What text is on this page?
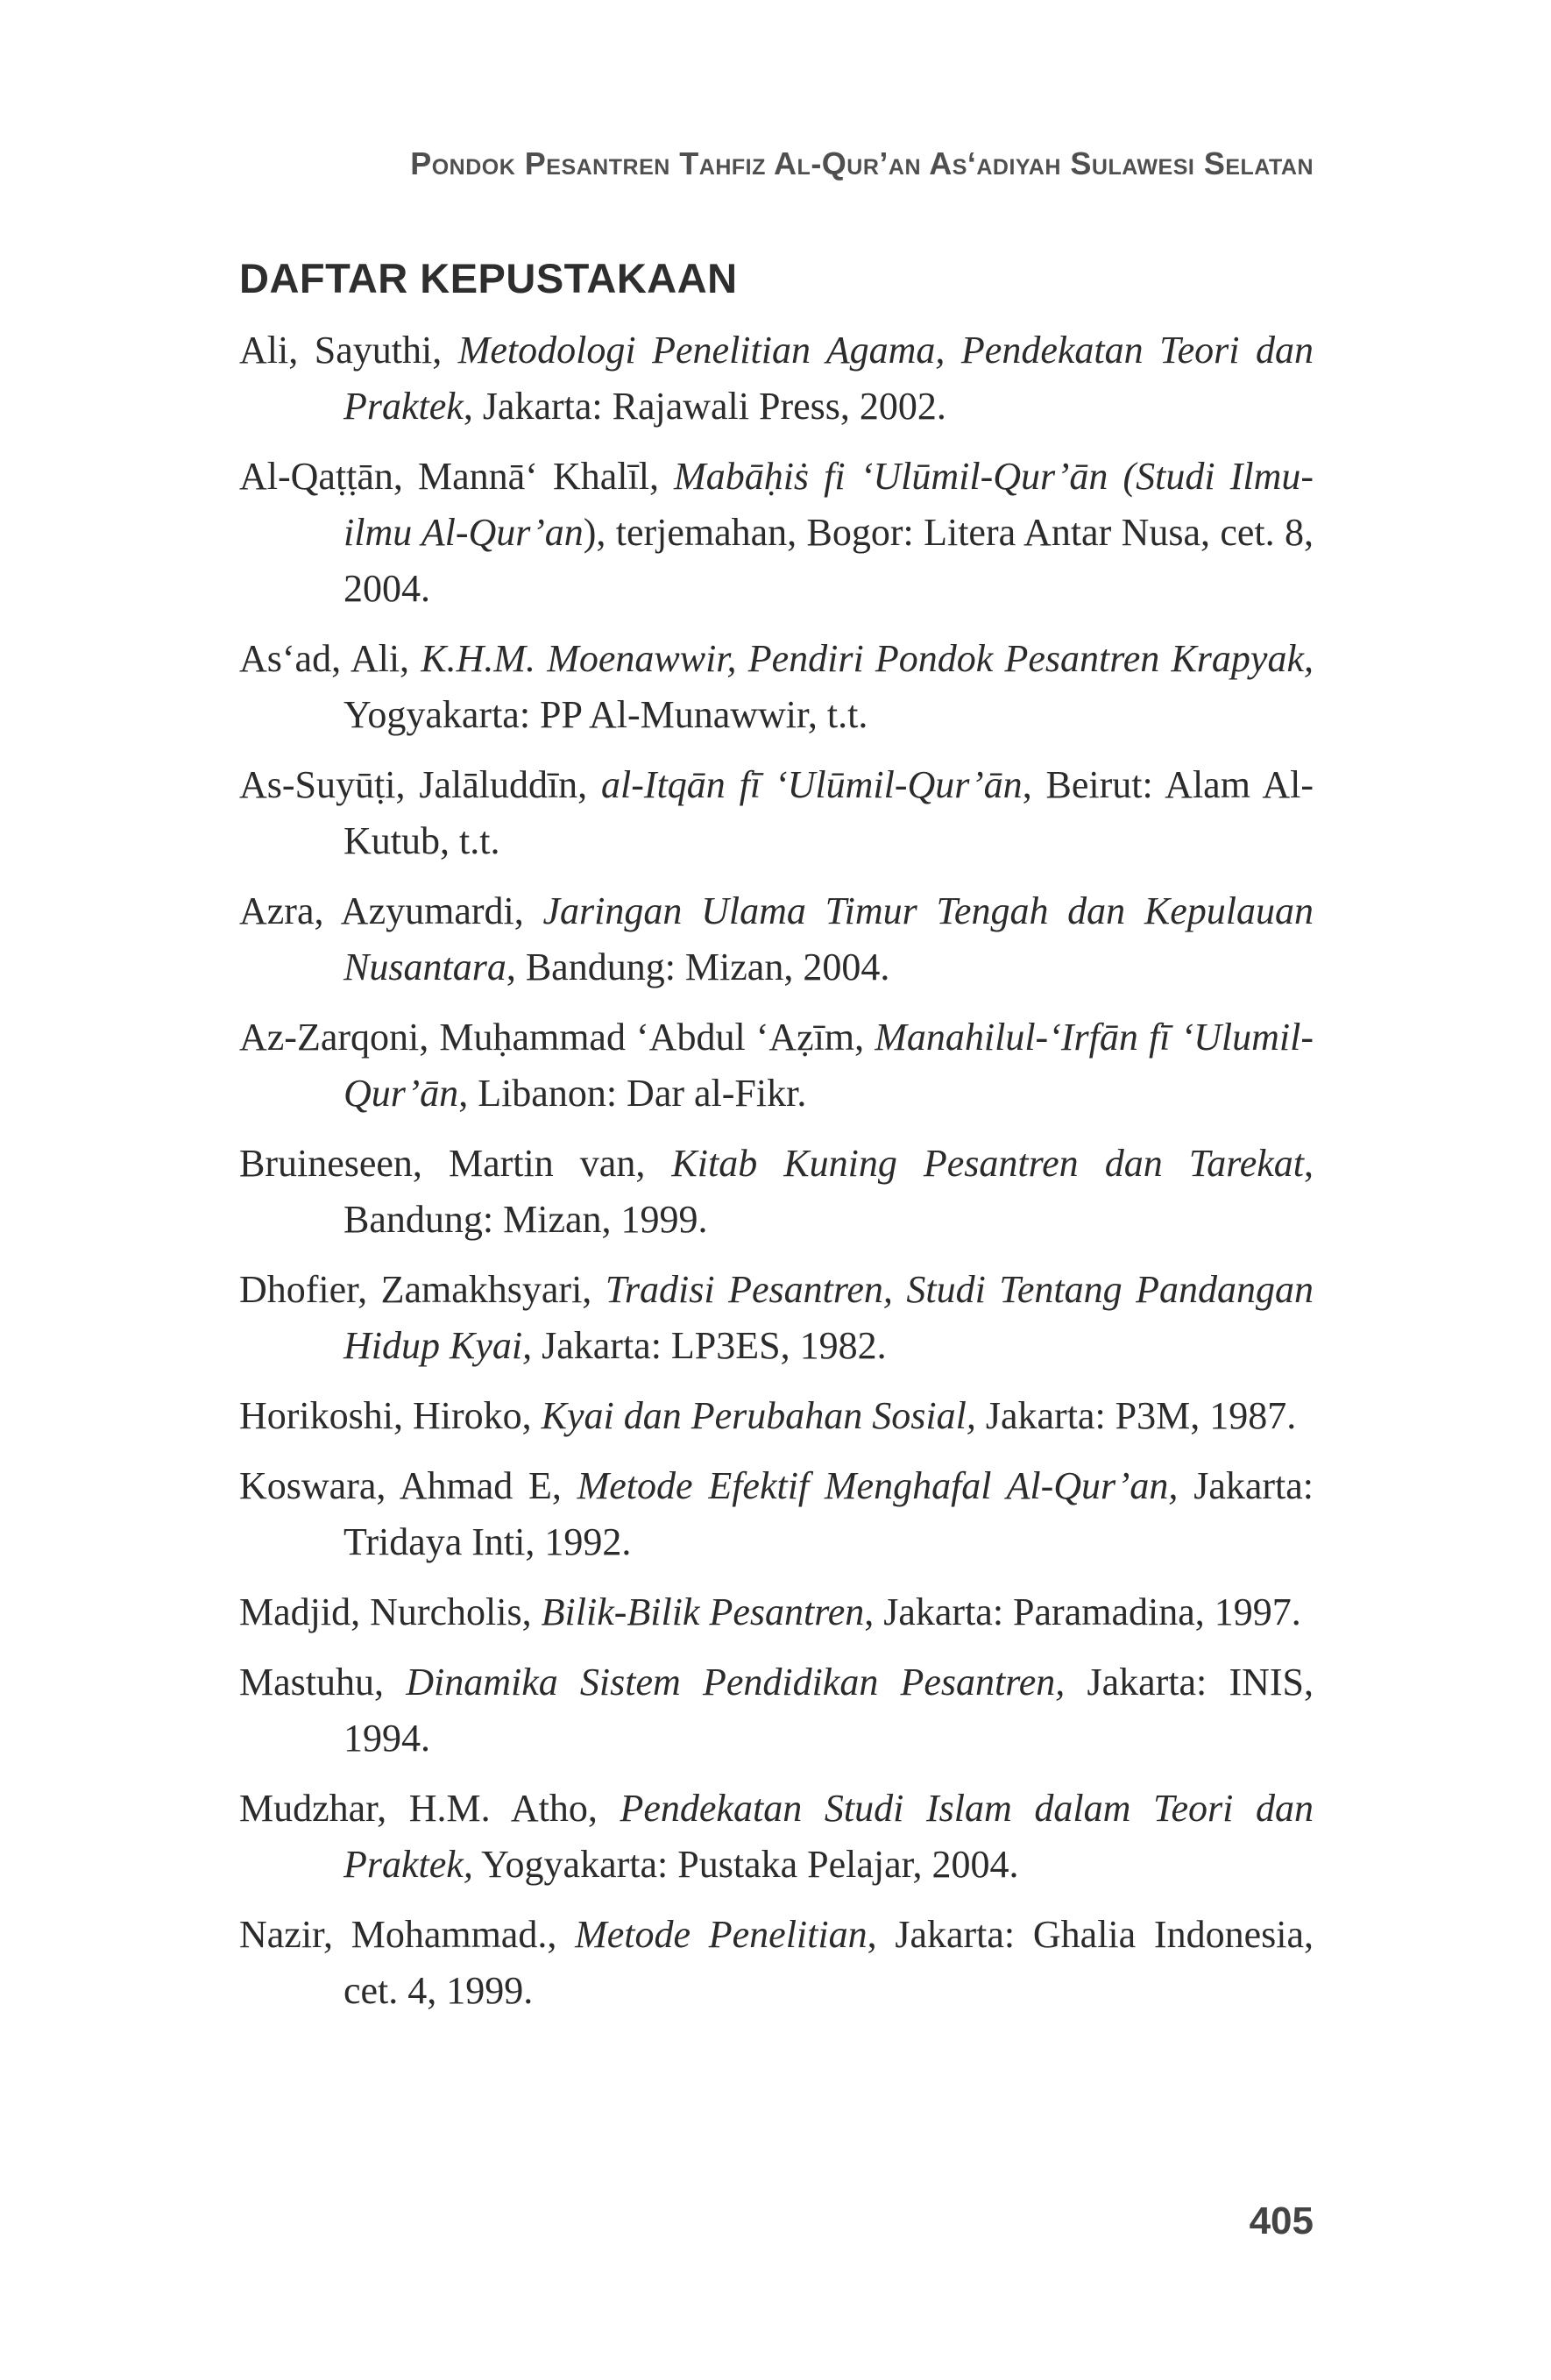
Pondok Pesantren Tahfiz Al-Qur’an As‘adiyah Sulawesi Selatan
DAFTAR KEPUSTAKAAN

Ali, Sayuthi, Metodologi Penelitian Agama, Pendekatan Teori dan Praktek, Jakarta: Rajawali Press, 2002.

Al-Qaṭṭān, Mannā‘ Khalīl, Mabāḥiṡ fi ‘Ulūmil-Qur’ān (Studi Ilmu-ilmu Al-Qur’an), terjemahan, Bogor: Litera Antar Nusa, cet. 8, 2004.

As‘ad, Ali, K.H.M. Moenawwir, Pendiri Pondok Pesantren Krapyak, Yogyakarta: PP Al-Munawwir, t.t.

As-Suyūṭi, Jalāluddīn, al-Itqān fī ‘Ulūmil-Qur’ān, Beirut: Alam Al-Kutub, t.t.

Azra, Azyumardi, Jaringan Ulama Timur Tengah dan Kepulauan Nusantara, Bandung: Mizan, 2004.

Az-Zarqoni, Muḥammad ‘Abdul ‘Aẓīm, Manahilul-‘Irfān fī ‘Ulumil-Qur’ān, Libanon: Dar al-Fikr.

Bruineseen, Martin van, Kitab Kuning Pesantren dan Tarekat, Bandung: Mizan, 1999.

Dhofier, Zamakhsyari, Tradisi Pesantren, Studi Tentang Pandangan Hidup Kyai, Jakarta: LP3ES, 1982.

Horikoshi, Hiroko, Kyai dan Perubahan Sosial, Jakarta: P3M, 1987.

Koswara, Ahmad E, Metode Efektif Menghafal Al-Qur’an, Jakarta: Tridaya Inti, 1992.

Madjid, Nurcholis, Bilik-Bilik Pesantren, Jakarta: Paramadina, 1997.

Mastuhu, Dinamika Sistem Pendidikan Pesantren, Jakarta: INIS, 1994.

Mudzhar, H.M. Atho, Pendekatan Studi Islam dalam Teori dan Praktek, Yogyakarta: Pustaka Pelajar, 2004.

Nazir, Mohammad., Metode Penelitian, Jakarta: Ghalia Indonesia, cet. 4, 1999.

405
